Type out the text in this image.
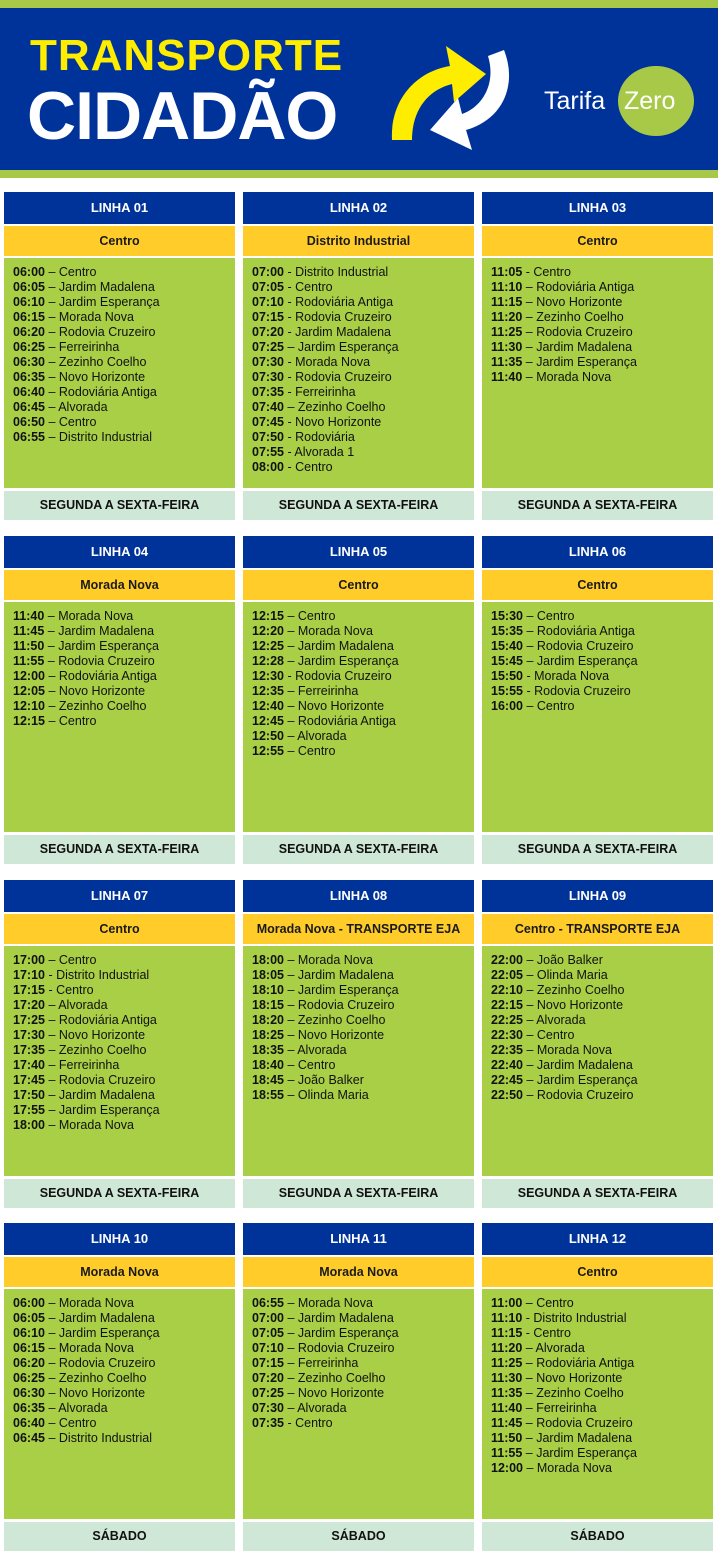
TRANSPORTE
CIDADÃO	Tarifa Zero
LINHA 01
Centro
06:00 – Centro
06:05 – Jardim Madalena
06:10 – Jardim Esperança
06:15 – Morada Nova
06:20 – Rodovia Cruzeiro
06:25 – Ferreirinha
06:30 – Zezinho Coelho
06:35 – Novo Horizonte
06:40 – Rodoviária Antiga
06:45 – Alvorada
06:50 – Centro
06:55 – Distrito Industrial
SEGUNDA A SEXTA-FEIRA
LINHA 02
Distrito Industrial
07:00 - Distrito Industrial
07:05 - Centro
07:10 - Rodoviária Antiga
07:15 - Rodovia Cruzeiro
07:20 - Jardim Madalena
07:25 – Jardim Esperança
07:30 - Morada Nova
07:30 - Rodovia Cruzeiro
07:35 - Ferreirinha
07:40 – Zezinho Coelho
07:45 - Novo Horizonte
07:50 - Rodoviária
07:55 - Alvorada 1
08:00 - Centro
SEGUNDA A SEXTA-FEIRA
LINHA 03
Centro
11:05 - Centro
11:10 – Rodoviária Antiga
11:15 – Novo Horizonte
11:20 – Zezinho Coelho
11:25 – Rodovia Cruzeiro
11:30 – Jardim Madalena
11:35 – Jardim Esperança
11:40 – Morada Nova
SEGUNDA A SEXTA-FEIRA
LINHA 04
Morada Nova
11:40 – Morada Nova
11:45 – Jardim Madalena
11:50 – Jardim Esperança
11:55 – Rodovia Cruzeiro
12:00 – Rodoviária Antiga
12:05 – Novo Horizonte
12:10 – Zezinho Coelho
12:15 – Centro
SEGUNDA A SEXTA-FEIRA
LINHA 05
Centro
12:15 – Centro
12:20 – Morada Nova
12:25 – Jardim Madalena
12:28 – Jardim Esperança
12:30 - Rodovia Cruzeiro
12:35 – Ferreirinha
12:40 – Novo Horizonte
12:45 – Rodoviária Antiga
12:50 – Alvorada
12:55 – Centro
SEGUNDA A SEXTA-FEIRA
LINHA 06
Centro
15:30 – Centro
15:35 – Rodoviária Antiga
15:40 – Rodovia Cruzeiro
15:45 – Jardim Esperança
15:50 - Morada Nova
15:55 - Rodovia Cruzeiro
16:00 – Centro
SEGUNDA A SEXTA-FEIRA
LINHA 07
Centro
17:00 – Centro
17:10 - Distrito Industrial
17:15 - Centro
17:20 – Alvorada
17:25 – Rodoviária Antiga
17:30 – Novo Horizonte
17:35 – Zezinho Coelho
17:40 – Ferreirinha
17:45 – Rodovia Cruzeiro
17:50 – Jardim Madalena
17:55 – Jardim Esperança
18:00 – Morada Nova
SEGUNDA A SEXTA-FEIRA
LINHA 08
Morada Nova - TRANSPORTE EJA
18:00 – Morada Nova
18:05 – Jardim Madalena
18:10 – Jardim Esperança
18:15 – Rodovia Cruzeiro
18:20 – Zezinho Coelho
18:25 – Novo Horizonte
18:35 – Alvorada
18:40 – Centro
18:45 – João Balker
18:55 – Olinda Maria
SEGUNDA A SEXTA-FEIRA
LINHA 09
Centro - TRANSPORTE EJA
22:00 – João Balker
22:05 – Olinda Maria
22:10 – Zezinho Coelho
22:15 – Novo Horizonte
22:25 – Alvorada
22:30 – Centro
22:35 – Morada Nova
22:40 – Jardim Madalena
22:45 – Jardim Esperança
22:50 – Rodovia Cruzeiro
SEGUNDA A SEXTA-FEIRA
LINHA 10
Morada Nova
06:00 – Morada Nova
06:05 – Jardim Madalena
06:10 – Jardim Esperança
06:15 – Morada Nova
06:20 – Rodovia Cruzeiro
06:25 – Zezinho Coelho
06:30 – Novo Horizonte
06:35 – Alvorada
06:40 – Centro
06:45 – Distrito Industrial
SÁBADO
LINHA 11
Morada Nova
06:55 – Morada Nova
07:00 – Jardim Madalena
07:05 – Jardim Esperança
07:10 – Rodovia Cruzeiro
07:15 – Ferreirinha
07:20 – Zezinho Coelho
07:25 – Novo Horizonte
07:30 – Alvorada
07:35 - Centro
SÁBADO
LINHA 12
Centro
11:00 – Centro
11:10 - Distrito Industrial
11:15 - Centro
11:20 – Alvorada
11:25 – Rodoviária Antiga
11:30 – Novo Horizonte
11:35 – Zezinho Coelho
11:40 – Ferreirinha
11:45 – Rodovia Cruzeiro
11:50 – Jardim Madalena
11:55 – Jardim Esperança
12:00 – Morada Nova
SÁBADO
